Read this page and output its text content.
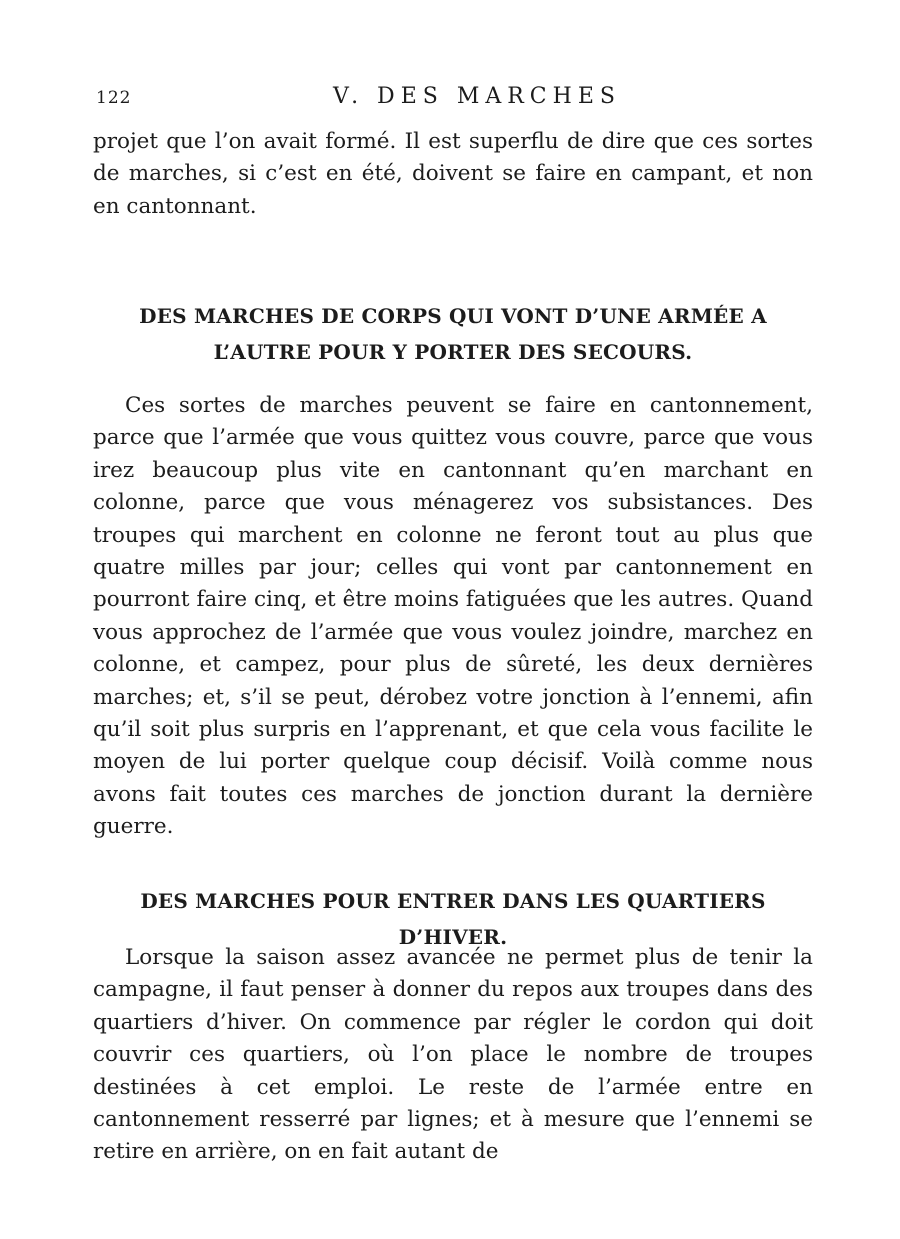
122	V. DES MARCHES

projet que l’on avait formé. Il est superflu de dire que ces sortes de marches, si c’est en été, doivent se faire en campant, et non en cantonnant.

DES MARCHES DE CORPS QUI VONT D’UNE ARMÉE A L’AUTRE POUR Y PORTER DES SECOURS.

Ces sortes de marches peuvent se faire en cantonnement, parce que l’armée que vous quittez vous couvre, parce que vous irez beaucoup plus vite en cantonnant qu’en marchant en colonne, parce que vous ménagerez vos subsistances. Des troupes qui marchent en colonne ne feront tout au plus que quatre milles par jour; celles qui vont par cantonnement en pourront faire cinq, et être moins fatiguées que les autres. Quand vous approchez de l’armée que vous voulez joindre, marchez en colonne, et campez, pour plus de sûreté, les deux dernières marches; et, s’il se peut, dérobez votre jonction à l’ennemi, afin qu’il soit plus surpris en l’apprenant, et que cela vous facilite le moyen de lui porter quelque coup décisif. Voilà comme nous avons fait toutes ces marches de jonction durant la dernière guerre.

DES MARCHES POUR ENTRER DANS LES QUARTIERS D’HIVER.

Lorsque la saison assez avancée ne permet plus de tenir la campagne, il faut penser à donner du repos aux troupes dans des quartiers d’hiver. On commence par régler le cordon qui doit couvrir ces quartiers, où l’on place le nombre de troupes destinées à cet emploi. Le reste de l’armée entre en cantonnement resserré par lignes; et à mesure que l’ennemi se retire en arrière, on en fait autant de
